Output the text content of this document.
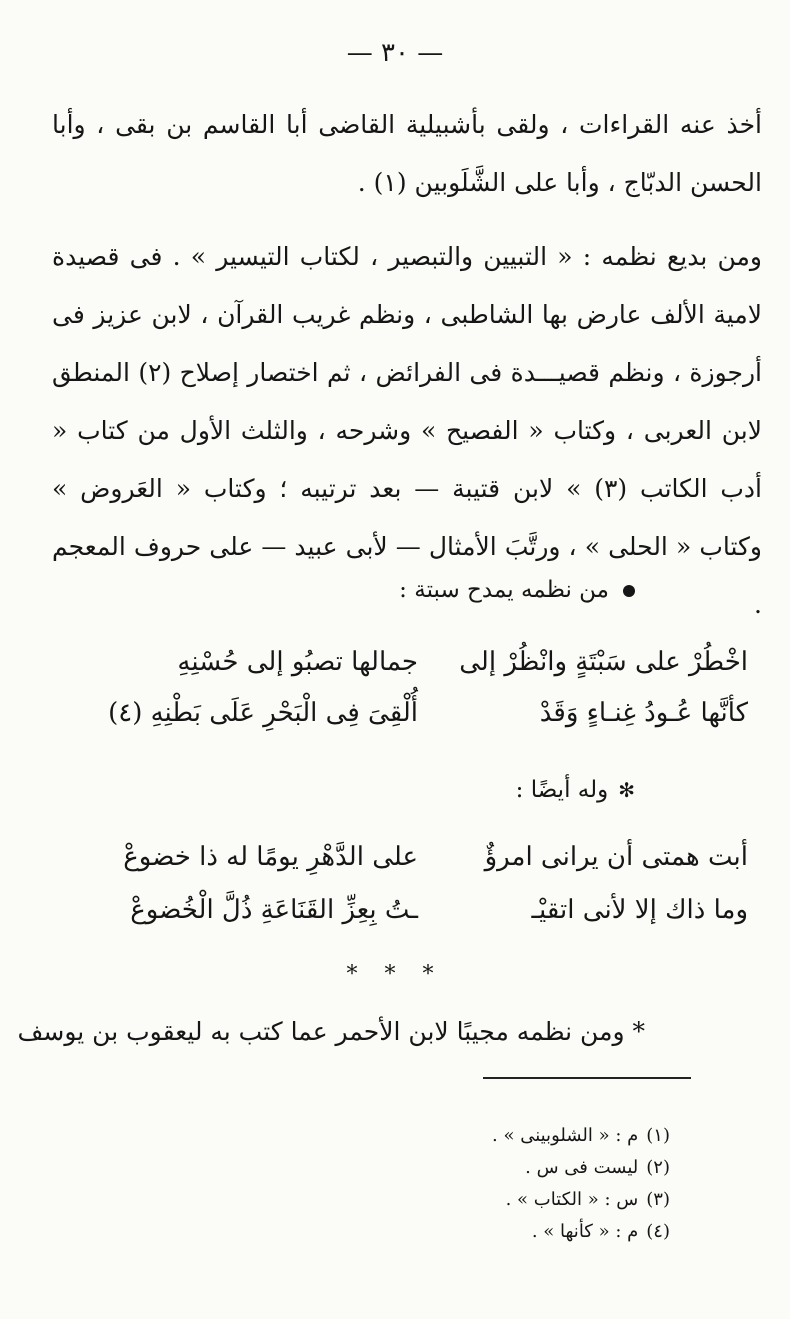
— ٣٠ —
أخذ عنه القراءات ، ولقى بأشبيلية القاضى أبا القاسم بن بقى ، وأبا الحسن الدبّاج ، وأبا على الشَّلَوبين (١) .
ومن بديع نظمه : « التبيين والتبصير ، لكتاب التيسير » . فى قصيدة لامية الألف عارض بها الشاطبى ، ونظم غريب القرآن ، لابن عزيز فى أرجوزة ، ونظم قصيـــدة فى الفرائض ، ثم اختصار إصلاح (٢) المنطق لابن العربى ، وكتاب « الفصيح » وشرحه ، والثلث الأول من كتاب « أدب الكاتب (٣) » لابن قتيبة — بعد ترتيبه ؛ وكتاب « العَروض » وكتاب « الحلى » ، ورتَّبَ الأمثال — لأبى عبيد — على حروف المعجم .
من نظمه يمدح سبتة :
اخْطُرْ على سَبْتَةٍ وانْظُرْ إلىجمالها تصبُو إلى حُسْنِهِ
كأنَّها عُـودُ غِنـاءٍ وَقَدْأُلْقِىَ فِى الْبَحْرِ عَلَى بَطْنِهِ (٤)
✻وله أيضًا :
أبت همتى أن يرانى امرؤٌعلى الدَّهْرِ يومًا له ذا خضوعْ
وما ذاك إلا لأنى اتقيْــتُ بِعِزِّ القَنَاعَةِ ذُلَّ الْخُضوعْ
* * *
* ومن نظمه مجيبًا لابن الأحمر عما كتب به ليعقوب بن يوسف
(١)م : « الشلوبينى » .
(٢)ليست فى س .
(٣)س : « الكتاب » .
(٤)م : « كأنها » .
